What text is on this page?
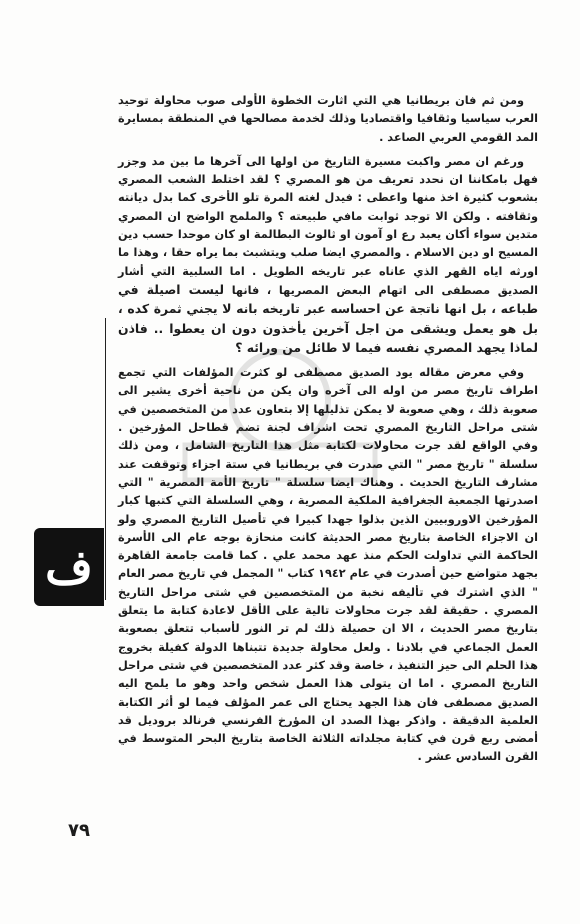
ومن ثم فان بريطانيا هي التي اثارت الخطوة الأولى صوب محاولة توحيد العرب سياسيا وثقافيا واقتصاديا وذلك لخدمة مصالحها في المنطقة بمسايرة المد القومي العربي الصاعد .

ورغم ان مصر واكبت مسيرة التاريخ من اولها الى آخرها ما بين مد وجزر فهل بامكاننا ان نحدد تعريف من هو المصري ؟ لقد اختلط الشعب المصري بشعوب كثيرة اخذ منها واعطى : فيدل لغته المرة تلو الأخرى كما بدل ديانته وثقافته . ولكن الا توجد ثوابت مافي طبيعته ؟ والملمح الواضح ان المصري متدين سواء أكان يعبد رع او آمون او ثالوث البطالمة او كان موحدا حسب دين المسيح او دين الاسلام . والمصري ايضا صلب ويتشبث بما يراه حقا ، وهذا ما اورثه اياه القهر الذي عاناه عبر تاريخه الطويل . اما السلبية التي أشار الصديق مصطفى الى اتهام البعض المصريها ، فانها ليست اصيلة في طباعه ، بل انها ناتجة عن احساسه عبر تاريخه بانه لا يجني ثمرة كده ، بل هو يعمل ويشقى من اجل آخرين يأخذون دون ان يعطوا .. فاذن لماذا يجهد المصري نفسه فيما لا طائل من ورائه ؟

وفي معرض مقاله يود الصديق مصطفى لو كثرت المؤلفات التي تجمع اطراف تاريخ مصر من اوله الى آخره وان يكن من ناحية أخرى يشير الى صعوبة ذلك ، وهي صعوبة لا يمكن تذليلها إلا بتعاون عدد من المتخصصين في شتى مراحل التاريخ المصري تحت اشراف لجنة تضم قطاحل المؤرخين . وفي الواقع لقد جرت محاولات لكتابة مثل هذا التاريخ الشامل ، ومن ذلك سلسلة " تاريخ مصر " التي صدرت في بريطانيا في ستة اجزاء وتوقفت عند مشارف التاريخ الحديث . وهناك ايضا سلسلة " تاريخ الأمة المصرية " التي اصدرتها الجمعية الجغرافية الملكية المصرية ، وهي السلسلة التي كتبها كبار المؤرخين الاوروبيين الذين بذلوا جهدا كبيرا في تأصيل التاريخ المصري ولو ان الاجزاء الخاصة بتاريخ مصر الحديثة كانت منحازة بوجه عام الى الأسرة الحاكمة التي تداولت الحكم منذ عهد محمد علي . كما قامت جامعة القاهرة بجهد متواضع حين أصدرت في عام ١٩٤٢ كتاب " المجمل في تاريخ مصر العام " الذي اشترك في تأليفه نخبة من المتخصصين في شتى مراحل التاريخ المصري . حقيقة لقد جرت محاولات تالية على الأقل لاعادة كتابة ما يتعلق بتاريخ مصر الحديث ، الا ان حصيلة ذلك لم تر النور لأسباب تتعلق بصعوبة العمل الجماعي في بلادنا . ولعل محاولة جديدة تتبناها الدولة كفيلة بخروج هذا الحلم الى حيز التنفيذ ، خاصة وقد كثر عدد المتخصصين في شتى مراحل التاريخ المصري . اما ان يتولى هذا العمل شخص واحد وهو ما يلمح اليه الصديق مصطفى فان هذا الجهد يحتاج الى عمر المؤلف فيما لو أثر الكتابة العلمية الدقيقة . واذكر بهذا الصدد ان المؤرخ الفرنسي فرنالد بروديل قد أمضى ربع قرن في كتابة مجلداته الثلاثة الخاصة بتاريخ البحر المتوسط في القرن السادس عشر .

ف
٧٩
